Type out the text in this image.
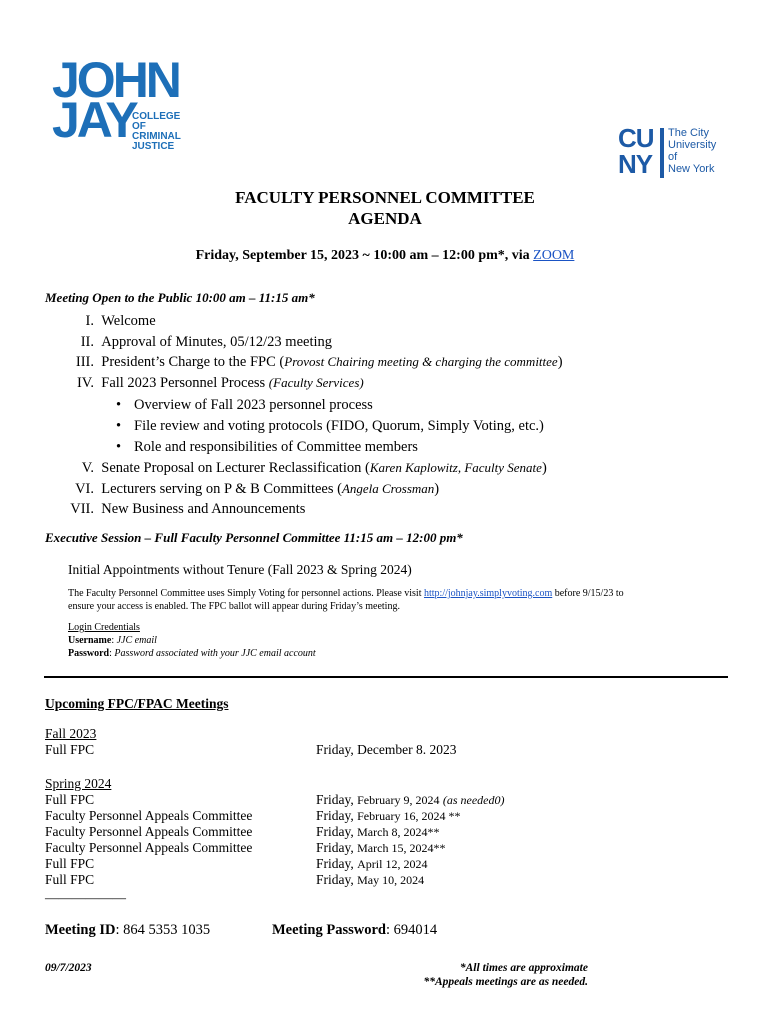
JOHN
JAY
COLLEGE
OF
CRIMINAL
JUSTICE	CU
NY
The City
University
of
New York
FACULTY PERSONNEL COMMITTEE
AGENDA
Friday, September 15, 2023 ~ 10:00 am – 12:00 pm*, via ZOOM
Meeting Open to the Public 10:00 am – 11:15 am*
I. Welcome
II. Approval of Minutes, 05/12/23 meeting
III. President’s Charge to the FPC (Provost Chairing meeting & charging the committee)
IV. Fall 2023 Personnel Process (Faculty Services)
• Overview of Fall 2023 personnel process
• File review and voting protocols (FIDO, Quorum, Simply Voting, etc.)
• Role and responsibilities of Committee members
V. Senate Proposal on Lecturer Reclassification (Karen Kaplowitz, Faculty Senate)
VI. Lecturers serving on P & B Committees (Angela Crossman)
VII. New Business and Announcements
Executive Session – Full Faculty Personnel Committee 11:15 am – 12:00 pm*
Initial Appointments without Tenure (Fall 2023 & Spring 2024)
The Faculty Personnel Committee uses Simply Voting for personnel actions. Please visit http://johnjay.simplyvoting.com before 9/15/23 to
ensure your access is enabled. The FPC ballot will appear during Friday’s meeting.
Login Credentials
Username: JJC email
Password: Password associated with your JJC email account
Upcoming FPC/FPAC Meetings
Fall 2023
Full FPC	Friday, December 8. 2023
Spring 2024
Full FPC	Friday, February 9, 2024 (as needed0)
Faculty Personnel Appeals Committee	Friday, February 16, 2024 **
Faculty Personnel Appeals Committee	Friday, March 8, 2024**
Faculty Personnel Appeals Committee	Friday, March 15, 2024**
Full FPC	Friday, April 12, 2024
Full FPC	Friday, May 10, 2024
——————
Meeting ID: 864 5353 1035	Meeting Password: 694014
09/7/2023	*All times are approximate
**Appeals meetings are as needed.
